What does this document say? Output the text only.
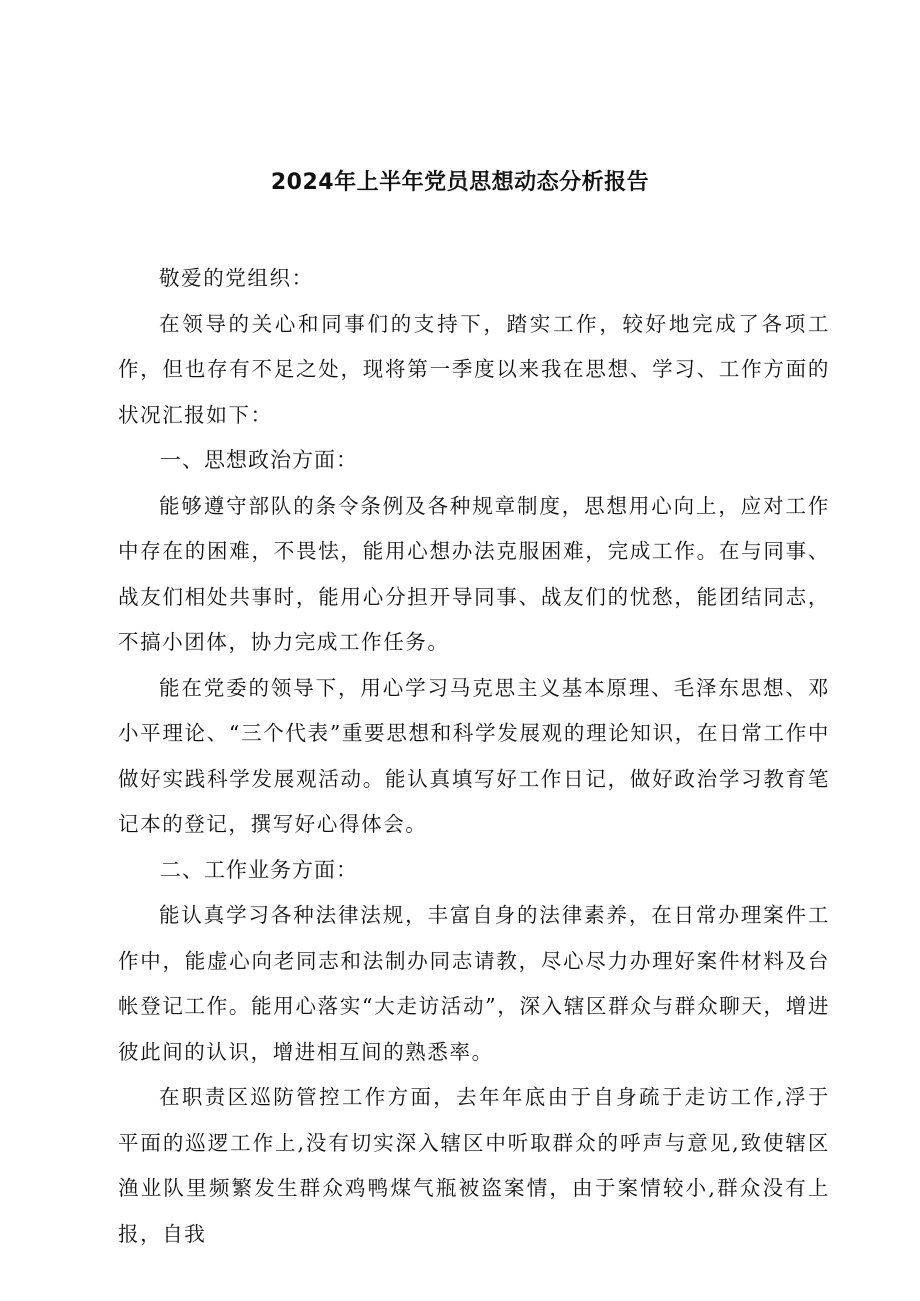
2024年上半年党员思想动态分析报告

敬爱的党组织：

在领导的关心和同事们的支持下，踏实工作，较好地完成了各项工作，但也存有不足之处，现将第一季度以来我在思想、学习、工作方面的状况汇报如下：

一、思想政治方面：

能够遵守部队的条令条例及各种规章制度，思想用心向上，应对工作中存在的困难，不畏怯，能用心想办法克服困难，完成工作。在与同事、战友们相处共事时，能用心分担开导同事、战友们的忧愁，能团结同志，不搞小团体，协力完成工作任务。

能在党委的领导下，用心学习马克思主义基本原理、毛泽东思想、邓小平理论、“三个代表”重要思想和科学发展观的理论知识，在日常工作中做好实践科学发展观活动。能认真填写好工作日记，做好政治学习教育笔记本的登记，撰写好心得体会。

二、工作业务方面：

能认真学习各种法律法规，丰富自身的法律素养，在日常办理案件工作中，能虚心向老同志和法制办同志请教，尽心尽力办理好案件材料及台帐登记工作。能用心落实“大走访活动”，深入辖区群众与群众聊天，增进彼此间的认识，增进相互间的熟悉率。

在职责区巡防管控工作方面，去年年底由于自身疏于走访工作,浮于平面的巡逻工作上,没有切实深入辖区中听取群众的呼声与意见,致使辖区渔业队里频繁发生群众鸡鸭煤气瓶被盗案情，由于案情较小,群众没有上报，自我
